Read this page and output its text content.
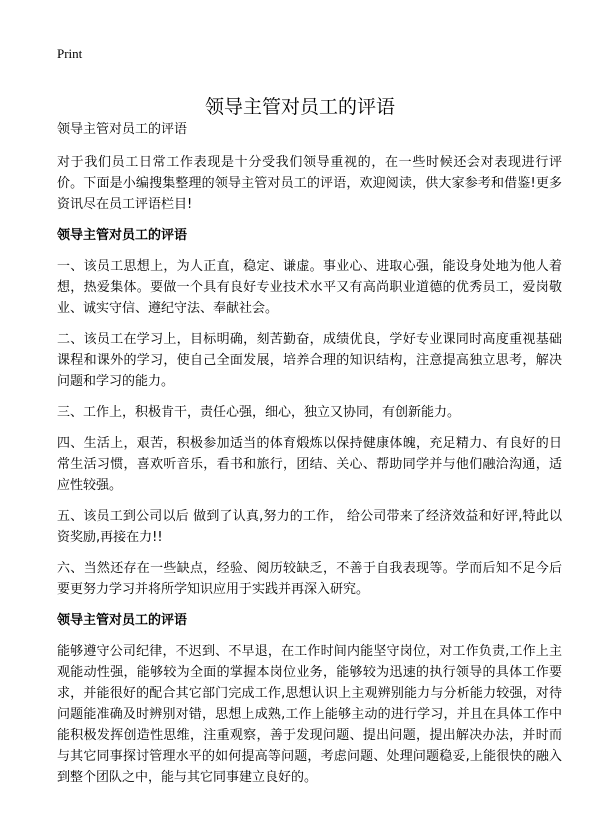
Print
领导主管对员工的评语

领导主管对员工的评语

对于我们员工日常工作表现是十分受我们领导重视的，在一些时候还会对表现进行评价。下面是小编搜集整理的领导主管对员工的评语，欢迎阅读，供大家参考和借鉴!更多资讯尽在员工评语栏目!

领导主管对员工的评语

一、该员工思想上，为人正直，稳定、谦虚。事业心、进取心强，能设身处地为他人着想，热爱集体。要做一个具有良好专业技术水平又有高尚职业道德的优秀员工，爱岗敬业、诚实守信、遵纪守法、奉献社会。

二、该员工在学习上，目标明确，刻苦勤奋，成绩优良，学好专业课同时高度重视基础课程和课外的学习，使自己全面发展，培养合理的知识结构，注意提高独立思考，解决问题和学习的能力。

三、工作上，积极肯干，责任心强，细心，独立又协同，有创新能力。

四、生活上，艰苦，积极参加适当的体育煅炼以保持健康体魄，充足精力、有良好的日常生活习惯，喜欢听音乐，看书和旅行，团结、关心、帮助同学并与他们融洽沟通，适应性较强。

五、该员工到公司以后 做到了认真,努力的工作， 给公司带来了经济效益和好评,特此以资奖励,再接在力!!

六、当然还存在一些缺点，经验、阅历较缺乏，不善于自我表现等。学而后知不足今后要更努力学习并将所学知识应用于实践并再深入研究。

领导主管对员工的评语

能够遵守公司纪律，不迟到、不早退，在工作时间内能坚守岗位，对工作负责,工作上主观能动性强，能够较为全面的掌握本岗位业务，能够较为迅速的执行领导的具体工作要求，并能很好的配合其它部门完成工作,思想认识上主观辨别能力与分析能力较强，对待问题能准确及时辨别对错，思想上成熟,工作上能够主动的进行学习，并且在具体工作中能积极发挥创造性思维，注重观察，善于发现问题、提出问题，提出解决办法，并时而与其它同事探讨管理水平的如何提高等问题，考虑问题、处理问题稳妥,上能很快的融入到整个团队之中，能与其它同事建立良好的。
